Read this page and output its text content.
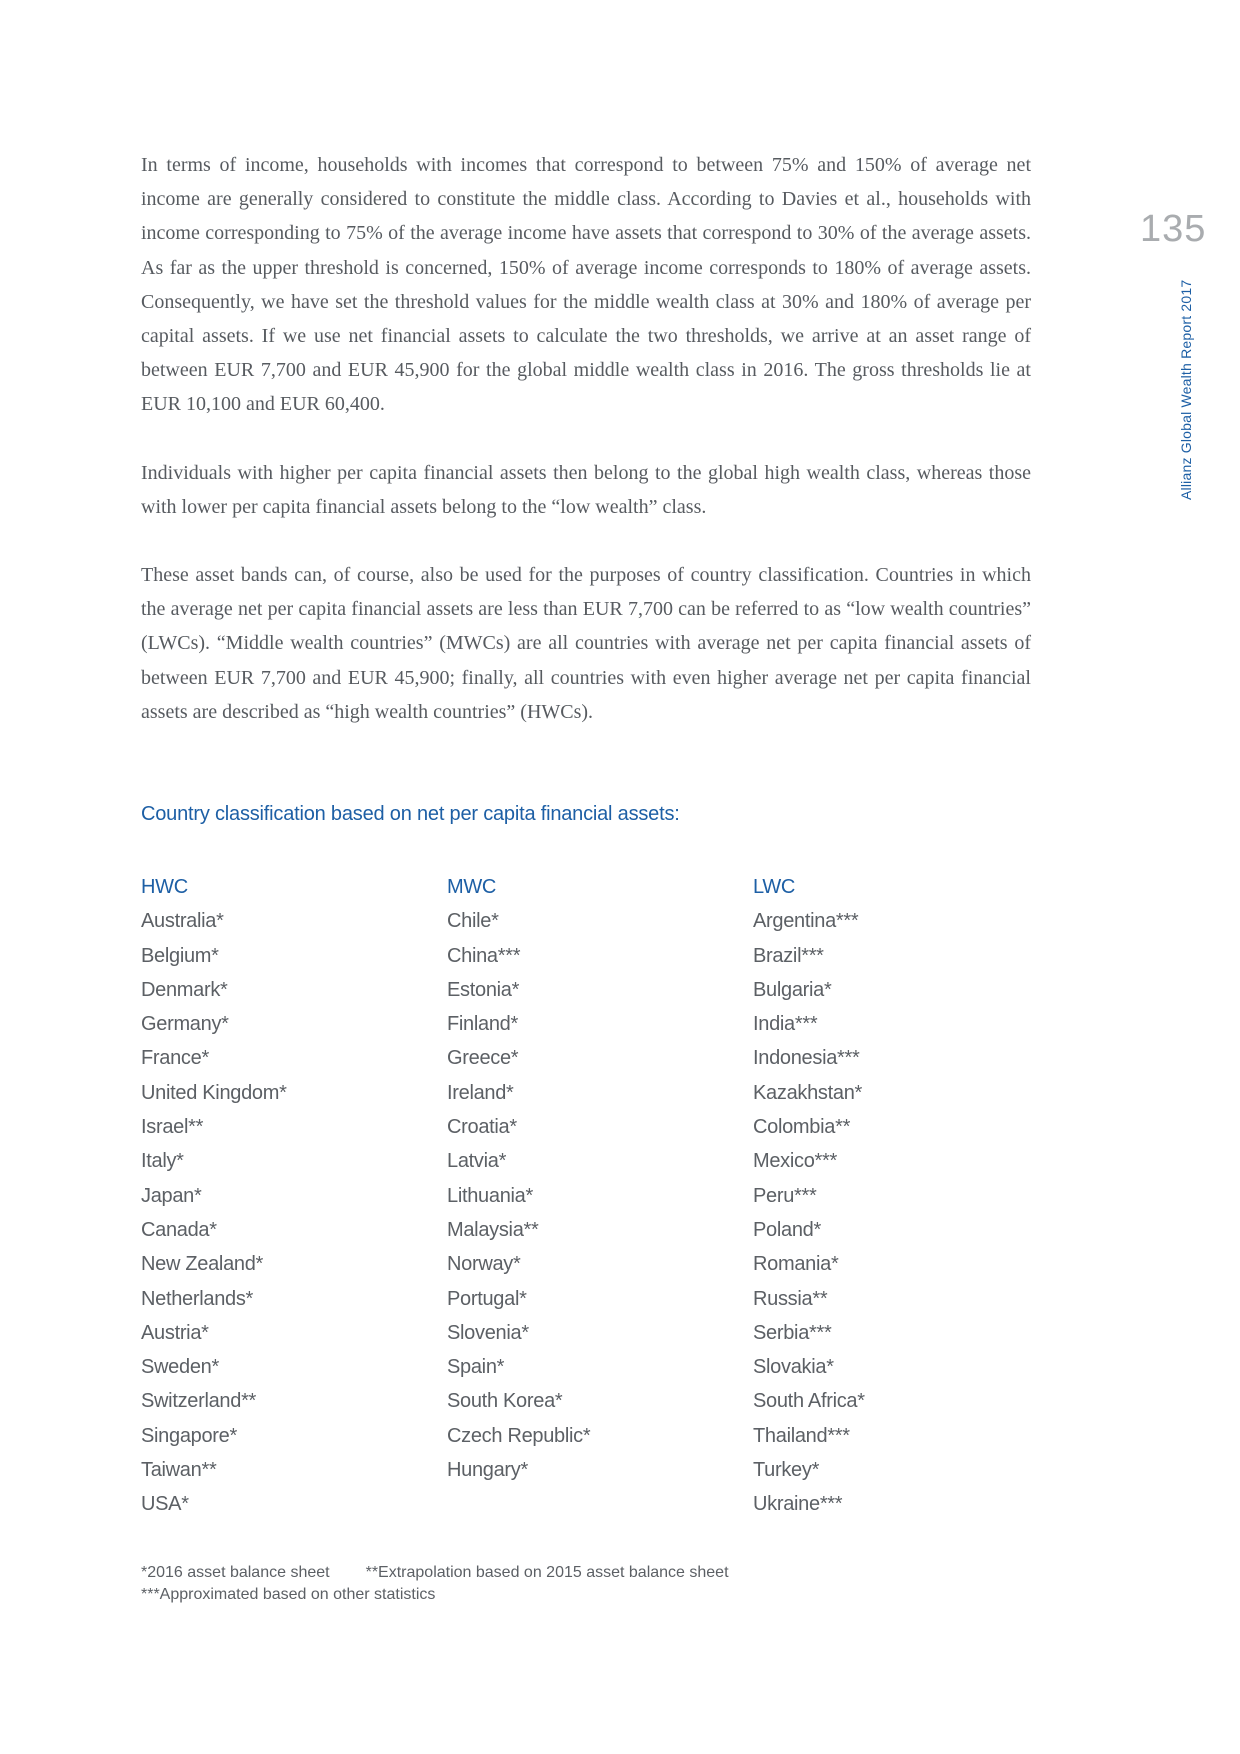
135
Allianz Global Wealth Report 2017

In terms of income, households with incomes that correspond to between 75% and 150% of average net income are generally considered to constitute the middle class. According to Davies et al., households with income corresponding to 75% of the average income have assets that correspond to 30% of the average assets. As far as the upper threshold is concerned, 150% of average income corresponds to 180% of average assets. Consequently, we have set the threshold values for the middle wealth class at 30% and 180% of average per capital assets. If we use net financial assets to calculate the two thresholds, we arrive at an asset range of between EUR 7,700 and EUR 45,900 for the global middle wealth class in 2016. The gross thresholds lie at EUR 10,100 and EUR 60,400.

Individuals with higher per capita financial assets then belong to the global high wealth class, whereas those with lower per capita financial assets belong to the “low wealth” class.

These asset bands can, of course, also be used for the purposes of country classification. Countries in which the average net per capita financial assets are less than EUR 7,700 can be referred to as “low wealth countries” (LWCs). “Middle wealth countries” (MWCs) are all countries with average net per capita financial assets of between EUR 7,700 and EUR 45,900; finally, all countries with even higher average net per capita financial assets are described as “high wealth countries” (HWCs).

Country classification based on net per capita financial assets:
HWC
Australia*
Belgium*
Denmark*
Germany*
France*
United Kingdom*
Israel**
Italy*
Japan*
Canada*
New Zealand*
Netherlands*
Austria*
Sweden*
Switzerland**
Singapore*
Taiwan**
USA*
MWC
Chile*
China***
Estonia*
Finland*
Greece*
Ireland*
Croatia*
Latvia*
Lithuania*
Malaysia**
Norway*
Portugal*
Slovenia*
Spain*
South Korea*
Czech Republic*
Hungary*
LWC
Argentina***
Brazil***
Bulgaria*
India***
Indonesia***
Kazakhstan*
Colombia**
Mexico***
Peru***
Poland*
Romania*
Russia**
Serbia***
Slovakia*
South Africa*
Thailand***
Turkey*
Ukraine***
*2016 asset balance sheet **Extrapolation based on 2015 asset balance sheet
***Approximated based on other statistics
